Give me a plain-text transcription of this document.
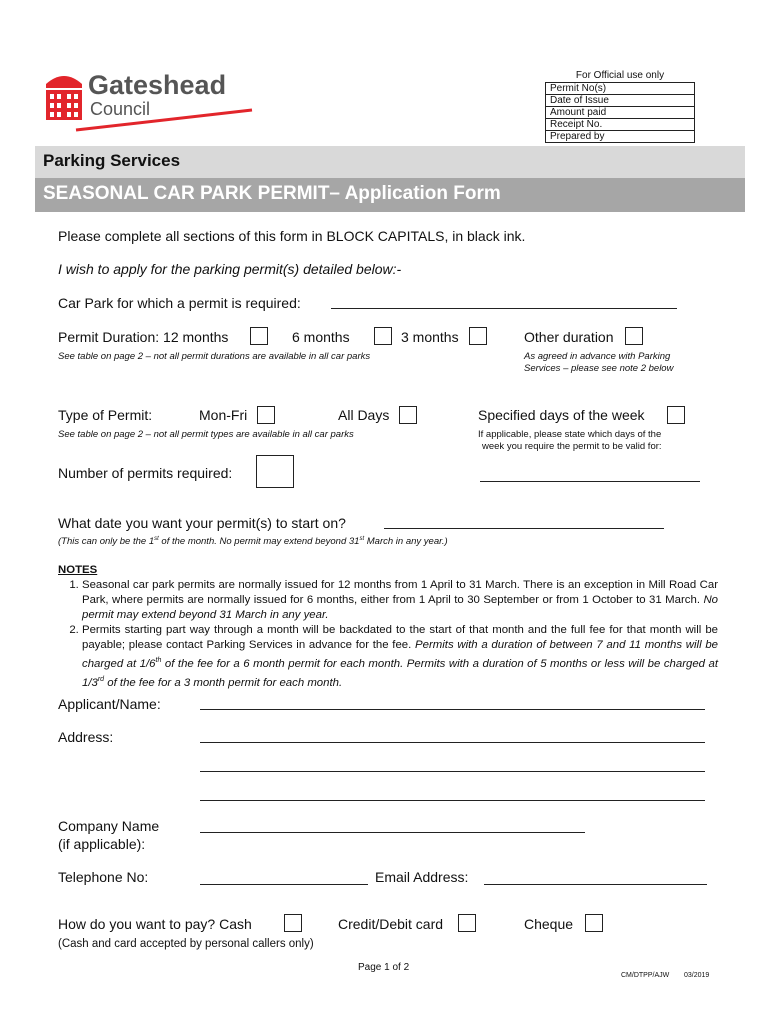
Gateshead
Council
For Official use only
Permit No(s)
Date of Issue
Amount paid
Receipt No.
Prepared by
Parking Services
SEASONAL CAR PARK PERMIT– Application Form
Please complete all sections of this form in BLOCK CAPITALS, in black ink.
I wish to apply for the parking permit(s) detailed below:-
Car Park for which a permit is required:
Permit Duration: 12 months	6 months	3 months	Other duration
See table on page 2 – not all permit durations are available in all car parks	As agreed in advance with Parking
Services – please see note 2 below
Type of Permit:	Mon-Fri	All Days	Specified days of the week
See table on page 2 – not all permit types are available in all car parks	If applicable, please state which days of the
week you require the permit to be valid for:
Number of permits required:
What date you want your permit(s) to start on?
(This can only be the 1st of the month. No permit may extend beyond 31st March in any year.)
NOTES
1. Seasonal car park permits are normally issued for 12 months from 1 April to 31 March. There is an exception in Mill Road Car Park, where permits are normally issued for 6 months, either from 1 April to 30 September or from 1 October to 31 March. No permit may extend beyond 31 March in any year.
2. Permits starting part way through a month will be backdated to the start of that month and the full fee for that month will be payable; please contact Parking Services in advance for the fee. Permits with a duration of between 7 and 11 months will be charged at 1/6th of the fee for a 6 month permit for each month. Permits with a duration of 5 months or less will be charged at 1/3rd of the fee for a 3 month permit for each month.
Applicant/Name:
Address:
Company Name
(if applicable):
Telephone No:	Email Address:
How do you want to pay? Cash	Credit/Debit card	Cheque
(Cash and card accepted by personal callers only)
Page 1 of 2
CM/DTPP/AJW 03/2019
